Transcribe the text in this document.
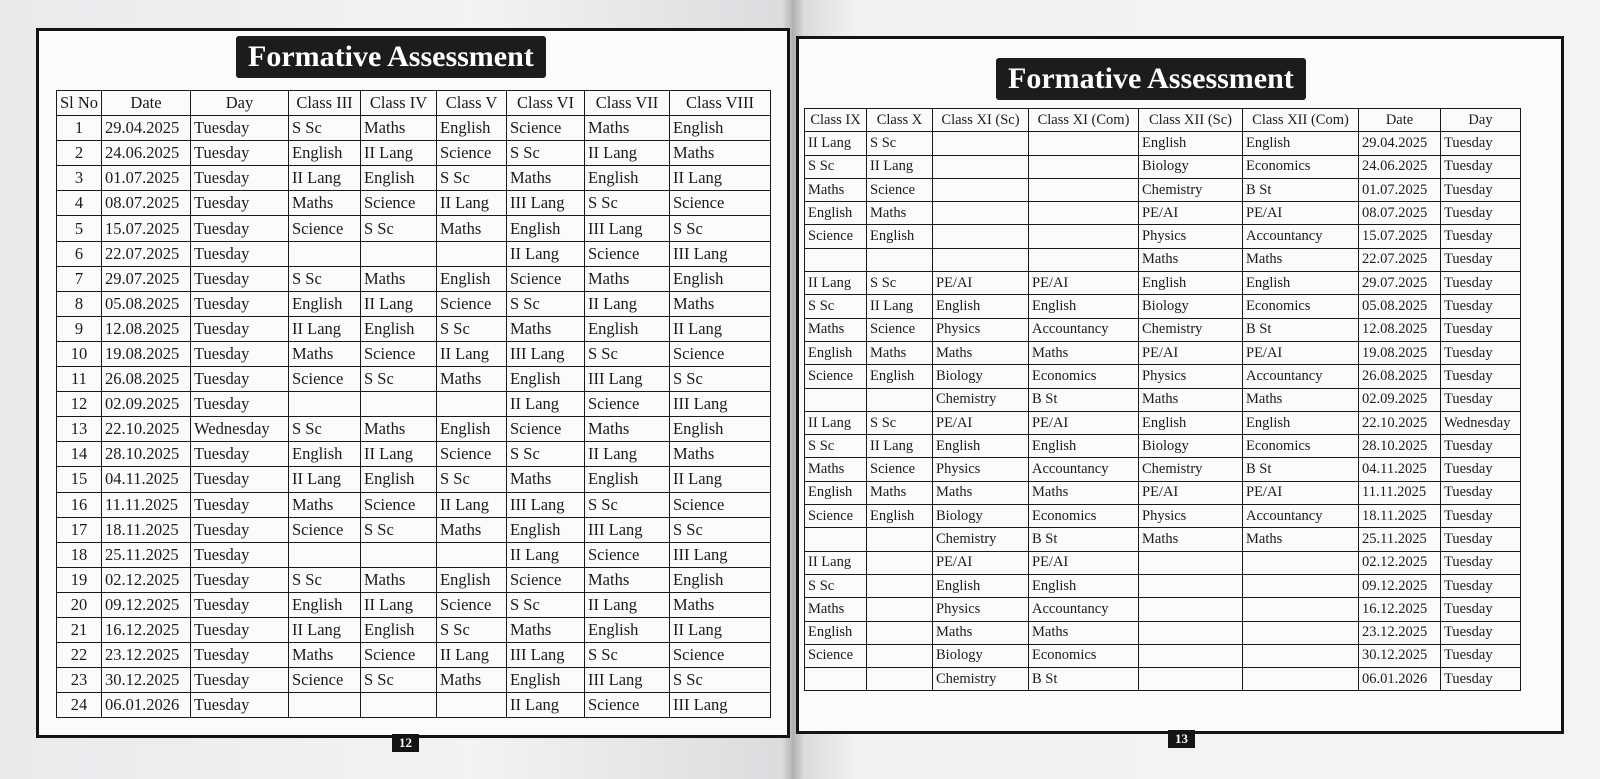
Formative Assessment
Formative Assessment
Sl No	Date	Day	Class III	Class IV	Class V	Class VI	Class VII	Class VIII
1	29.04.2025	Tuesday	S Sc	Maths	English	Science	Maths	English
2	24.06.2025	Tuesday	English	II Lang	Science	S Sc	II Lang	Maths
3	01.07.2025	Tuesday	II Lang	English	S Sc	Maths	English	II Lang
4	08.07.2025	Tuesday	Maths	Science	II Lang	III Lang	S Sc	Science
5	15.07.2025	Tuesday	Science	S Sc	Maths	English	III Lang	S Sc
6	22.07.2025	Tuesday				II Lang	Science	III Lang
7	29.07.2025	Tuesday	S Sc	Maths	English	Science	Maths	English
8	05.08.2025	Tuesday	English	II Lang	Science	S Sc	II Lang	Maths
9	12.08.2025	Tuesday	II Lang	English	S Sc	Maths	English	II Lang
10	19.08.2025	Tuesday	Maths	Science	II Lang	III Lang	S Sc	Science
11	26.08.2025	Tuesday	Science	S Sc	Maths	English	III Lang	S Sc
12	02.09.2025	Tuesday				II Lang	Science	III Lang
13	22.10.2025	Wednesday	S Sc	Maths	English	Science	Maths	English
14	28.10.2025	Tuesday	English	II Lang	Science	S Sc	II Lang	Maths
15	04.11.2025	Tuesday	II Lang	English	S Sc	Maths	English	II Lang
16	11.11.2025	Tuesday	Maths	Science	II Lang	III Lang	S Sc	Science
17	18.11.2025	Tuesday	Science	S Sc	Maths	English	III Lang	S Sc
18	25.11.2025	Tuesday				II Lang	Science	III Lang
19	02.12.2025	Tuesday	S Sc	Maths	English	Science	Maths	English
20	09.12.2025	Tuesday	English	II Lang	Science	S Sc	II Lang	Maths
21	16.12.2025	Tuesday	II Lang	English	S Sc	Maths	English	II Lang
22	23.12.2025	Tuesday	Maths	Science	II Lang	III Lang	S Sc	Science
23	30.12.2025	Tuesday	Science	S Sc	Maths	English	III Lang	S Sc
24	06.01.2026	Tuesday				II Lang	Science	III Lang
Class IX	Class X	Class XI (Sc)	Class XI (Com)	Class XII (Sc)	Class XII (Com)	Date	Day
II Lang	S Sc			English	English	29.04.2025	Tuesday
S Sc	II Lang			Biology	Economics	24.06.2025	Tuesday
Maths	Science			Chemistry	B St	01.07.2025	Tuesday
English	Maths			PE/AI	PE/AI	08.07.2025	Tuesday
Science	English			Physics	Accountancy	15.07.2025	Tuesday
				Maths	Maths	22.07.2025	Tuesday
II Lang	S Sc	PE/AI	PE/AI	English	English	29.07.2025	Tuesday
S Sc	II Lang	English	English	Biology	Economics	05.08.2025	Tuesday
Maths	Science	Physics	Accountancy	Chemistry	B St	12.08.2025	Tuesday
English	Maths	Maths	Maths	PE/AI	PE/AI	19.08.2025	Tuesday
Science	English	Biology	Economics	Physics	Accountancy	26.08.2025	Tuesday
		Chemistry	B St	Maths	Maths	02.09.2025	Tuesday
II Lang	S Sc	PE/AI	PE/AI	English	English	22.10.2025	Wednesday
S Sc	II Lang	English	English	Biology	Economics	28.10.2025	Tuesday
Maths	Science	Physics	Accountancy	Chemistry	B St	04.11.2025	Tuesday
English	Maths	Maths	Maths	PE/AI	PE/AI	11.11.2025	Tuesday
Science	English	Biology	Economics	Physics	Accountancy	18.11.2025	Tuesday
		Chemistry	B St	Maths	Maths	25.11.2025	Tuesday
II Lang		PE/AI	PE/AI			02.12.2025	Tuesday
S Sc		English	English			09.12.2025	Tuesday
Maths		Physics	Accountancy			16.12.2025	Tuesday
English		Maths	Maths			23.12.2025	Tuesday
Science		Biology	Economics			30.12.2025	Tuesday
		Chemistry	B St			06.01.2026	Tuesday
12	13
